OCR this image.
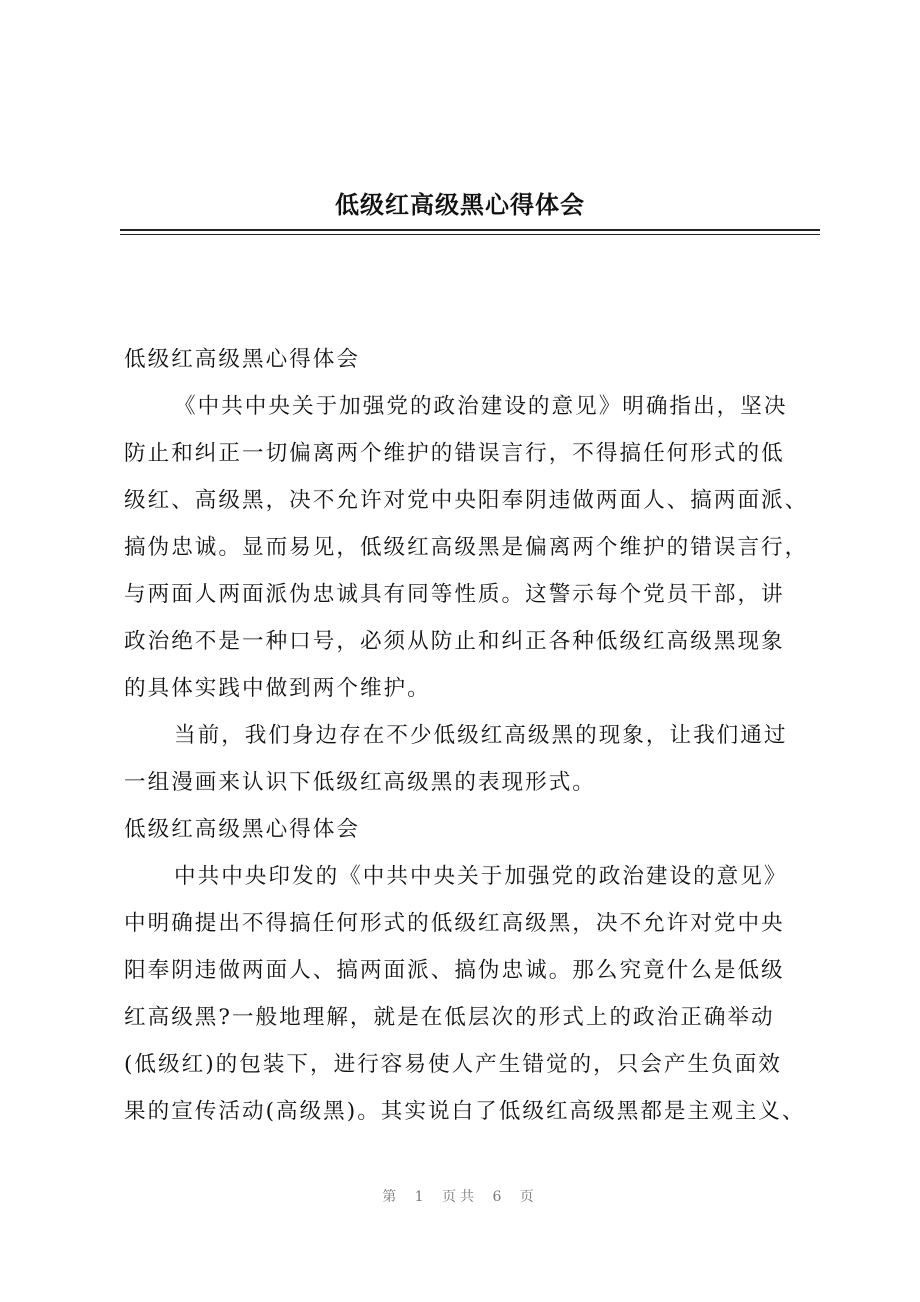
低级红高级黑心得体会
低级红高级黑心得体会
《中共中央关于加强党的政治建设的意见》明确指出，坚决
防止和纠正一切偏离两个维护的错误言行，不得搞任何形式的低
级红、高级黑，决不允许对党中央阳奉阴违做两面人、搞两面派、
搞伪忠诚。显而易见，低级红高级黑是偏离两个维护的错误言行，
与两面人两面派伪忠诚具有同等性质。这警示每个党员干部，讲
政治绝不是一种口号，必须从防止和纠正各种低级红高级黑现象
的具体实践中做到两个维护。
当前，我们身边存在不少低级红高级黑的现象，让我们通过
一组漫画来认识下低级红高级黑的表现形式。
低级红高级黑心得体会
中共中央印发的《中共中央关于加强党的政治建设的意见》
中明确提出不得搞任何形式的低级红高级黑，决不允许对党中央
阳奉阴违做两面人、搞两面派、搞伪忠诚。那么究竟什么是低级
红高级黑?一般地理解，就是在低层次的形式上的政治正确举动
(低级红)的包装下，进行容易使人产生错觉的，只会产生负面效
果的宣传活动(高级黑)。其实说白了低级红高级黑都是主观主义、
第 1 页共 6 页
